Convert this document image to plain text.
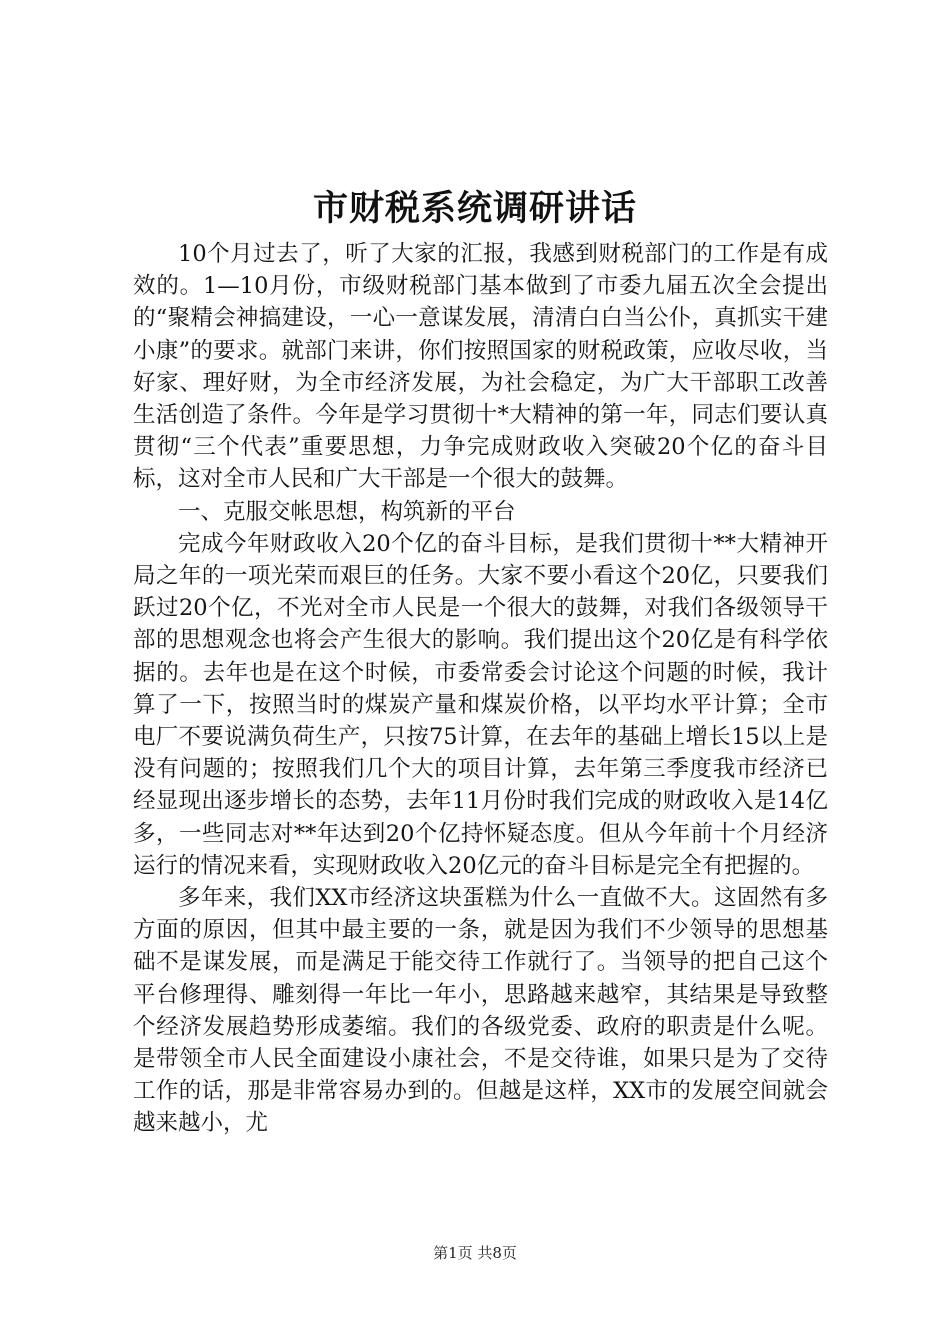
市财税系统调研讲话

10个月过去了，听了大家的汇报，我感到财税部门的工作是有成效的。1—10月份，市级财税部门基本做到了市委九届五次全会提出的“聚精会神搞建设，一心一意谋发展，清清白白当公仆，真抓实干建小康”的要求。就部门来讲，你们按照国家的财税政策，应收尽收，当好家、理好财，为全市经济发展，为社会稳定，为广大干部职工改善生活创造了条件。今年是学习贯彻十*大精神的第一年，同志们要认真贯彻“三个代表”重要思想，力争完成财政收入突破20个亿的奋斗目标，这对全市人民和广大干部是一个很大的鼓舞。

一、克服交帐思想，构筑新的平台

完成今年财政收入20个亿的奋斗目标，是我们贯彻十**大精神开局之年的一项光荣而艰巨的任务。大家不要小看这个20亿，只要我们跃过20个亿，不光对全市人民是一个很大的鼓舞，对我们各级领导干部的思想观念也将会产生很大的影响。我们提出这个20亿是有科学依据的。去年也是在这个时候，市委常委会讨论这个问题的时候，我计算了一下，按照当时的煤炭产量和煤炭价格，以平均水平计算；全市电厂不要说满负荷生产，只按75计算，在去年的基础上增长15以上是没有问题的；按照我们几个大的项目计算，去年第三季度我市经济已经显现出逐步增长的态势，去年11月份时我们完成的财政收入是14亿多，一些同志对**年达到20个亿持怀疑态度。但从今年前十个月经济运行的情况来看，实现财政收入20亿元的奋斗目标是完全有把握的。

多年来，我们XX市经济这块蛋糕为什么一直做不大。这固然有多方面的原因，但其中最主要的一条，就是因为我们不少领导的思想基础不是谋发展，而是满足于能交待工作就行了。当领导的把自己这个平台修理得、雕刻得一年比一年小，思路越来越窄，其结果是导致整个经济发展趋势形成萎缩。我们的各级党委、政府的职责是什么呢。是带领全市人民全面建设小康社会，不是交待谁，如果只是为了交待工作的话，那是非常容易办到的。但越是这样，XX市的发展空间就会越来越小，尤

第1页 共8页
